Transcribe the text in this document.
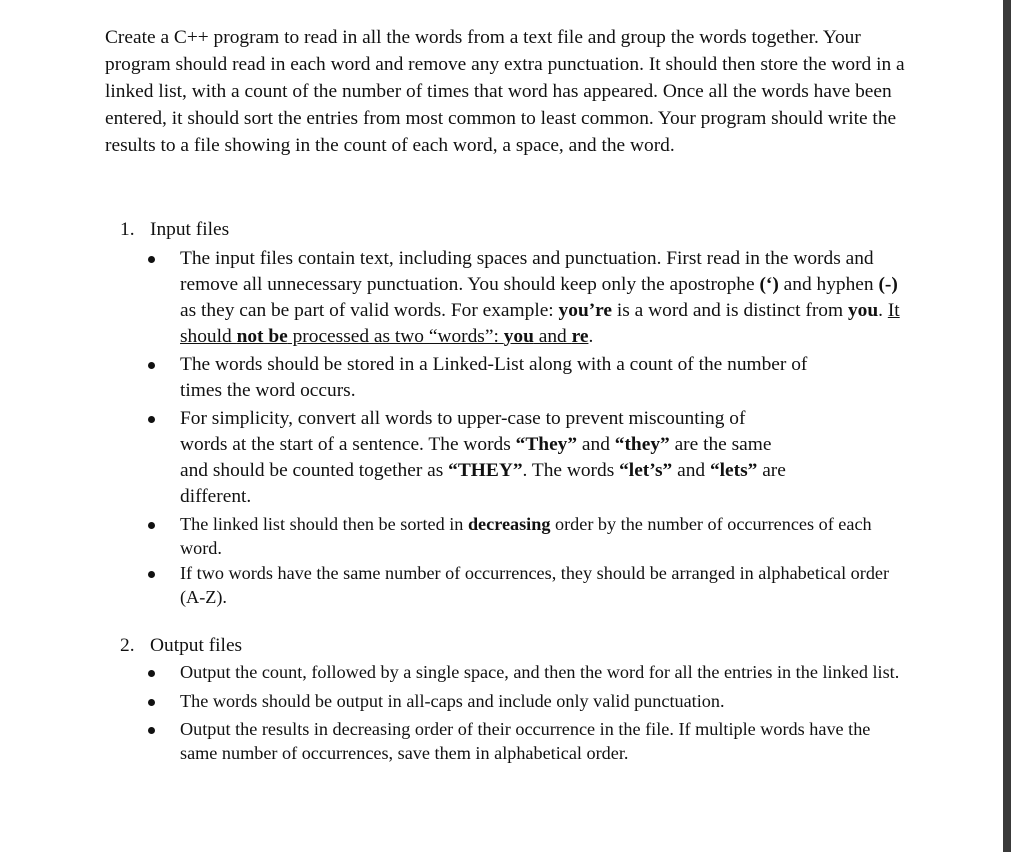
Create a C++ program to read in all the words from a text file and group the words together. Your program should read in each word and remove any extra punctuation. It should then store the word in a linked list, with a count of the number of times that word has appeared. Once all the words have been entered, it should sort the entries from most common to least common. Your program should write the results to a file showing in the count of each word, a space, and the word.

1. Input files

The input files contain text, including spaces and punctuation. First read in the words and remove all unnecessary punctuation. You should keep only the apostrophe (‘) and hyphen (-) as they can be part of valid words. For example: you’re is a word and is distinct from you. It should not be processed as two “words”: you and re.
The words should be stored in a Linked-List along with a count of the number of times the word occurs.
For simplicity, convert all words to upper-case to prevent miscounting of words at the start of a sentence. The words “They” and “they” are the same and should be counted together as “THEY”. The words “let’s” and “lets” are different.
The linked list should then be sorted in decreasing order by the number of occurrences of each word.
If two words have the same number of occurrences, they should be arranged in alphabetical order (A-Z).

2. Output files

Output the count, followed by a single space, and then the word for all the entries in the linked list.
The words should be output in all-caps and include only valid punctuation.
Output the results in decreasing order of their occurrence in the file. If multiple words have the same number of occurrences, save them in alphabetical order.
